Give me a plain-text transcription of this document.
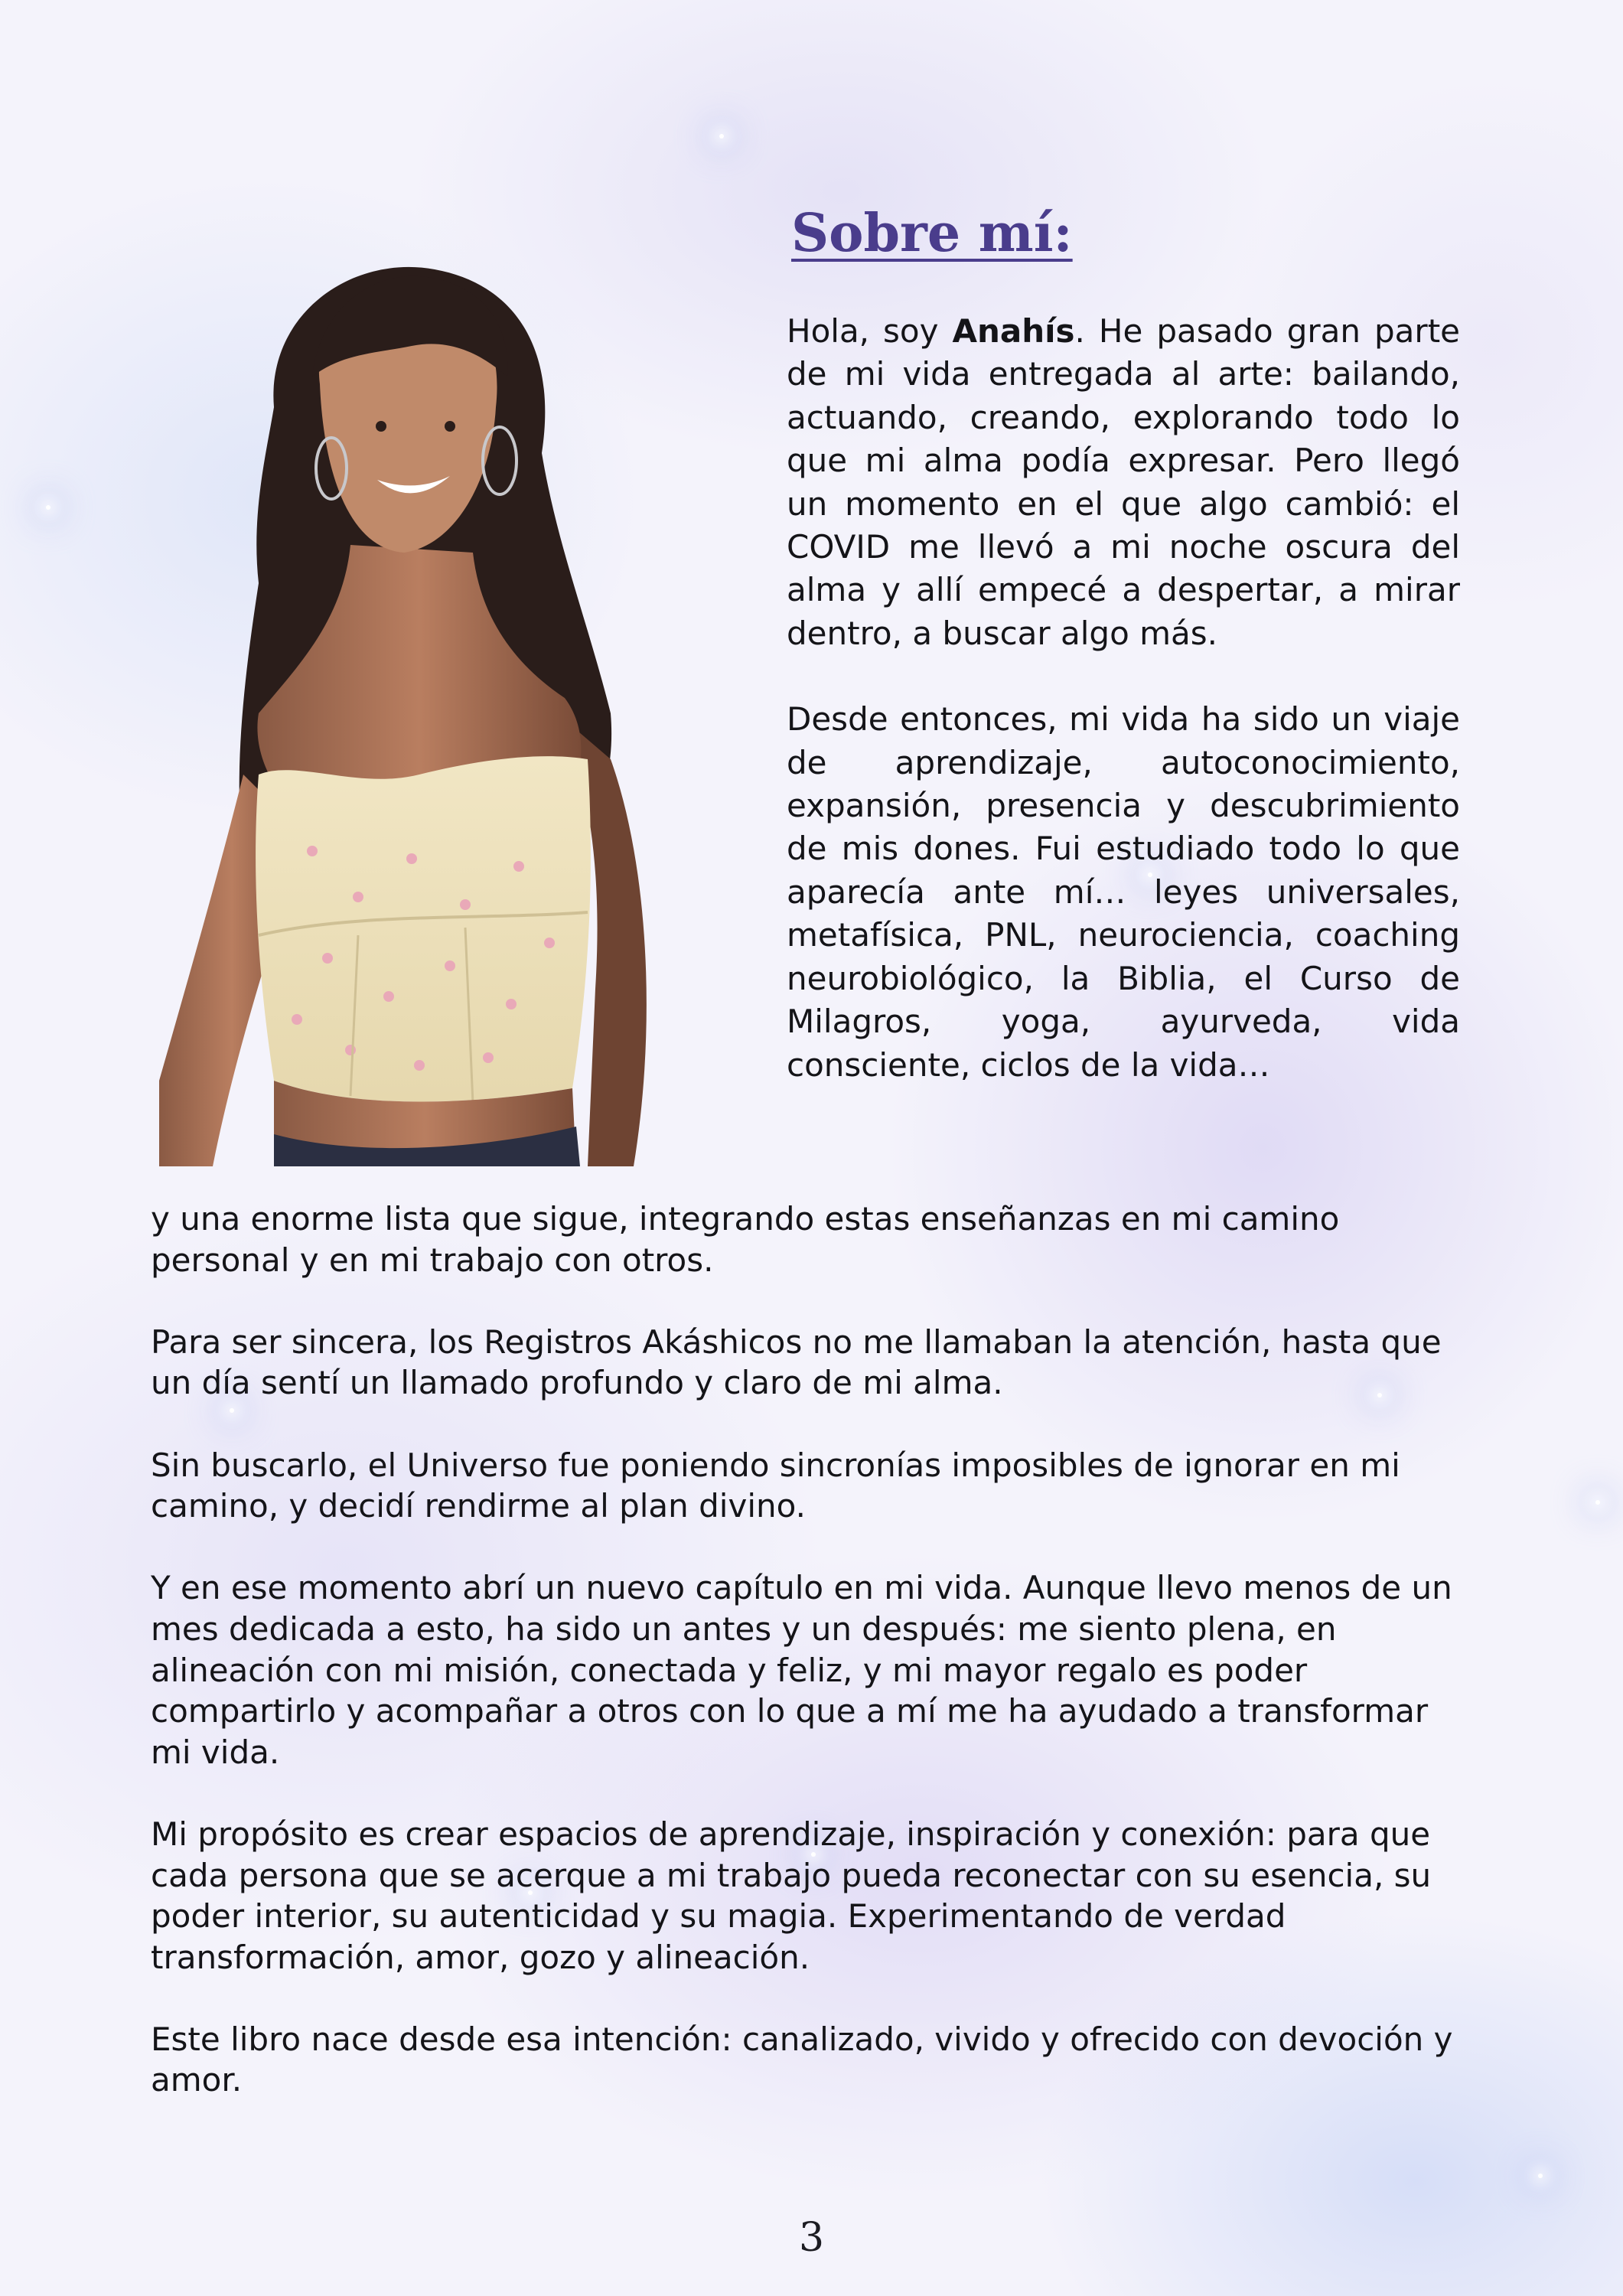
Sobre mí:

Hola, soy Anahís. He pasado gran parte de mi vida entregada al arte: bailando, actuando, creando, explorando todo lo que mi alma podía expresar. Pero llegó un momento en el que algo cambió: el COVID me llevó a mi noche oscura del alma y allí empecé a despertar, a mirar dentro, a buscar algo más.

Desde entonces, mi vida ha sido un viaje de aprendizaje, autoconocimiento, expansión, presencia y descubrimiento de mis dones. Fui estudiado todo lo que aparecía ante mí… leyes universales, metafísica, PNL, neurociencia, coaching neurobiológico, la Biblia, el Curso de Milagros, yoga, ayurveda, vida consciente, ciclos de la vida…

y una enorme lista que sigue, integrando estas enseñanzas en mi camino personal y en mi trabajo con otros.

Para ser sincera, los Registros Akáshicos no me llamaban la atención, hasta que un día sentí un llamado profundo y claro de mi alma.

Sin buscarlo, el Universo fue poniendo sincronías imposibles de ignorar en mi camino, y decidí rendirme al plan divino.

Y en ese momento abrí un nuevo capítulo en mi vida. Aunque llevo menos de un mes dedicada a esto, ha sido un antes y un después: me siento plena, en alineación con mi misión, conectada y feliz, y mi mayor regalo es poder compartirlo y acompañar a otros con lo que a mí me ha ayudado a transformar mi vida.

Mi propósito es crear espacios de aprendizaje, inspiración y conexión: para que cada persona que se acerque a mi trabajo pueda reconectar con su esencia, su poder interior, su autenticidad y su magia. Experimentando de verdad transformación, amor, gozo y alineación.

Este libro nace desde esa intención: canalizado, vivido y ofrecido con devoción y amor.

3
